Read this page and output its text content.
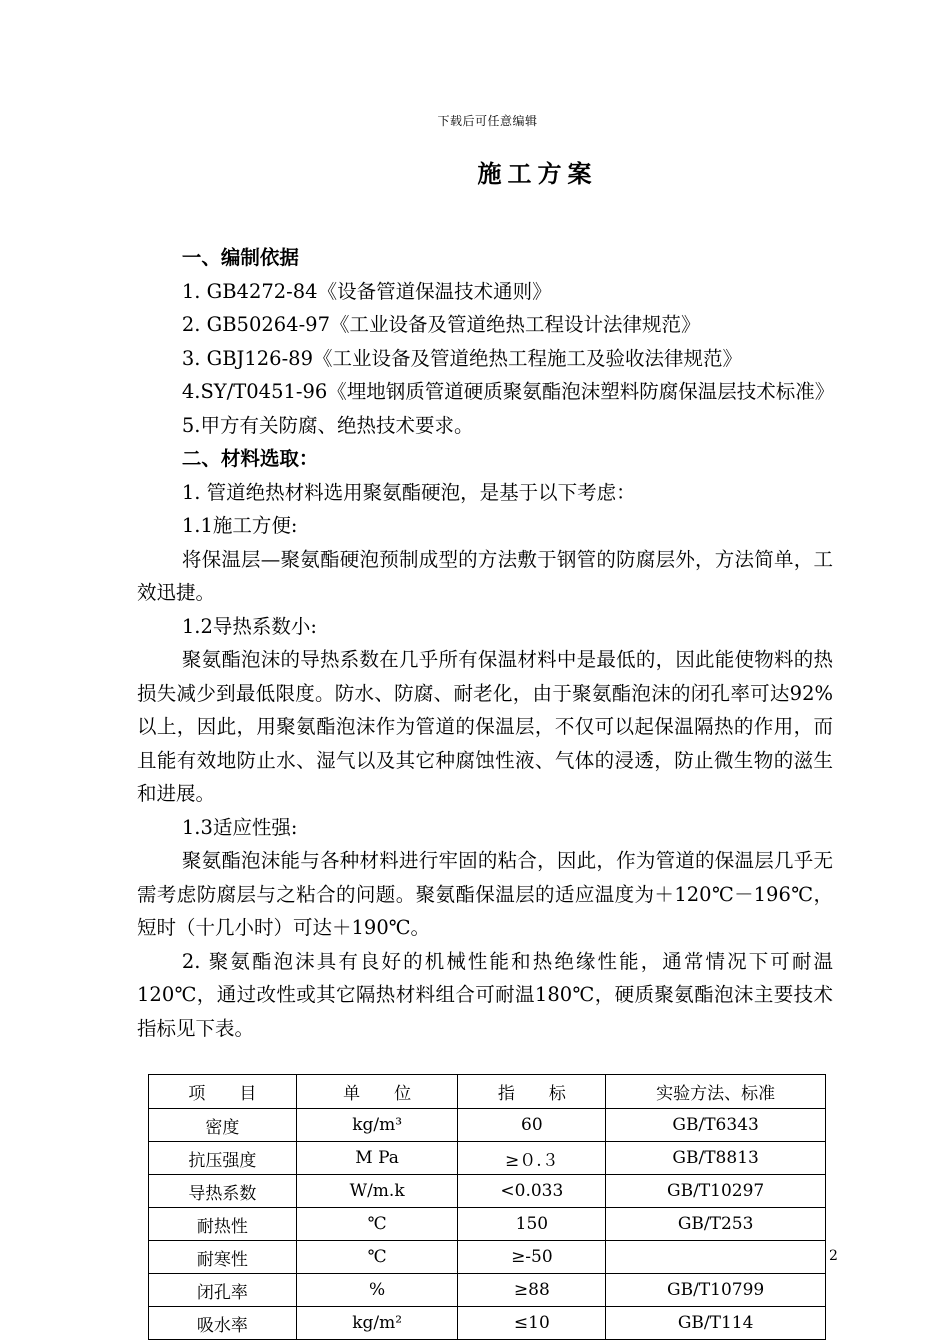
下载后可任意编辑
施工方案

一、编制依据

1. GB4272-84《设备管道保温技术通则》

2. GB50264-97《工业设备及管道绝热工程设计法律规范》

3. GBJ126-89《工业设备及管道绝热工程施工及验收法律规范》

4.SY/T0451-96《埋地钢质管道硬质聚氨酯泡沫塑料防腐保温层技术标准》

5.甲方有关防腐、绝热技术要求。

二、材料选取：

1. 管道绝热材料选用聚氨酯硬泡，是基于以下考虑：

1.1施工方便:

将保温层—聚氨酯硬泡预制成型的方法敷于钢管的防腐层外，方法简单，工效迅捷。

1.2导热系数小:

聚氨酯泡沫的导热系数在几乎所有保温材料中是最低的，因此能使物料的热损失减少到最低限度。防水、防腐、耐老化，由于聚氨酯泡沫的闭孔率可达92%以上，因此，用聚氨酯泡沫作为管道的保温层，不仅可以起保温隔热的作用，而且能有效地防止水、湿气以及其它种腐蚀性液、气体的浸透，防止微生物的滋生和进展。

1.3适应性强:

聚氨酯泡沫能与各种材料进行牢固的粘合，因此，作为管道的保温层几乎无需考虑防腐层与之粘合的问题。聚氨酯保温层的适应温度为＋120℃－196℃，短时（十几小时）可达＋190℃。

2. 聚氨酯泡沫具有良好的机械性能和热绝缘性能，通常情况下可耐温120℃，通过改性或其它隔热材料组合可耐温180℃，硬质聚氨酯泡沫主要技术指标见下表。

项　　目	单　　位	指　　标	实验方法、标准
密度	kg/m³	60	GB/T6343
抗压强度	M Pa	≥０.３	GB/T8813
导热系数	W/m.k	<0.033	GB/T10297
耐热性	℃	150	GB/T253
耐寒性	℃	≥-50	
闭孔率	%	≥88	GB/T10799
吸水率	kg/m²	≤10	GB/T114
2
